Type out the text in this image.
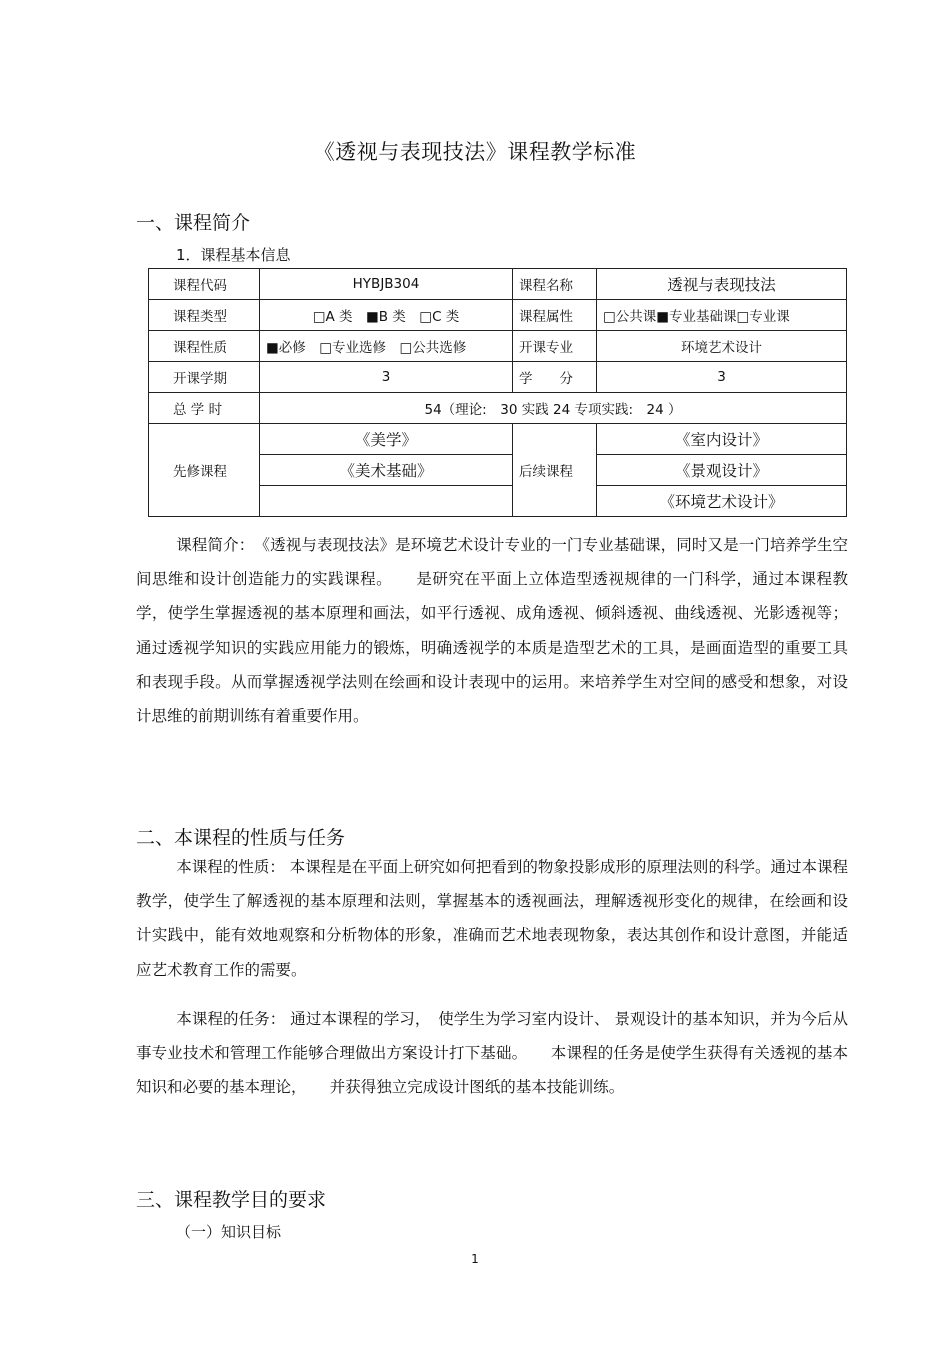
《透视与表现技法》课程教学标准
一、课程简介
1．课程基本信息
课程代码	HYBJB304	课程名称	透视与表现技法
课程类型	□A 类　■B 类　□C 类	课程属性	□公共课■专业基础课□专业课
课程性质	■必修　□专业选修　□公共选修	开课专业	环境艺术设计
开课学期	3	学　　分	3
总 学 时	54（理论:　30 实践 24 专项实践:　24 ）		
先修课程	《美学》	后续课程	《室内设计》
	《美术基础》		《景观设计》
			《环境艺术设计》

课程简介：　《透视与表现技法》是环境艺术设计专业的一门专业基础课，同时又是一门培养学生空间思维和设计创造能力的实践课程。　　是研究在平面上立体造型透视规律的一门科学，通过本课程教学，使学生掌握透视的基本原理和画法，如平行透视、成角透视、倾斜透视、曲线透视、光影透视等；通过透视学知识的实践应用能力的锻炼，明确透视学的本质是造型艺术的工具，是画面造型的重要工具和表现手段。从而掌握透视学法则在绘画和设计表现中的运用。来培养学生对空间的感受和想象，对设计思维的前期训练有着重要作用。

二、本课程的性质与任务

本课程的性质： 本课程是在平面上研究如何把看到的物象投影成形的原理法则的科学。通过本课程教学，使学生了解透视的基本原理和法则，掌握基本的透视画法，理解透视形变化的规律，在绘画和设计实践中，能有效地观察和分析物体的形象，准确而艺术地表现物象，表达其创作和设计意图，并能适应艺术教育工作的需要。

本课程的任务： 通过本课程的学习，　使学生为学习室内设计、 景观设计的基本知识，并为今后从事专业技术和管理工作能够合理做出方案设计打下基础。　　本课程的任务是使学生获得有关透视的基本知识和必要的基本理论，　　并获得独立完成设计图纸的基本技能训练。

三、课程教学目的要求
（一）知识目标
1
